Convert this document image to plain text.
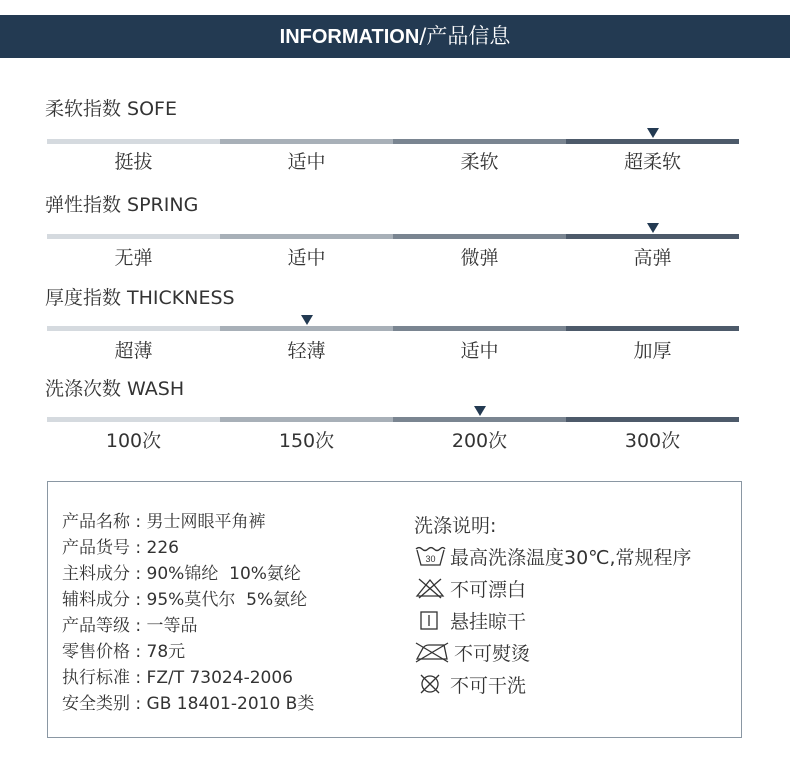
INFORMATION/产品信息
柔软指数 SOFE
挺拔	适中	柔软	超柔软
弹性指数 SPRING
无弹	适中	微弹	高弹
厚度指数 THICKNESS
超薄	轻薄	适中	加厚
洗涤次数 WASH
100次	150次	200次	300次
产品名称 : 男士网眼平角裤
产品货号 : 226
主料成分 : 90%锦纶  10%氨纶
辅料成分 : 95%莫代尔  5%氨纶
产品等级 : 一等品
零售价格 : 78元
执行标准 : FZ/T 73024-2006
安全类别 : GB 18401-2010 B类
洗涤说明:
30 最高洗涤温度30℃,常规程序
不可漂白
悬挂晾干
不可熨烫
不可干洗
